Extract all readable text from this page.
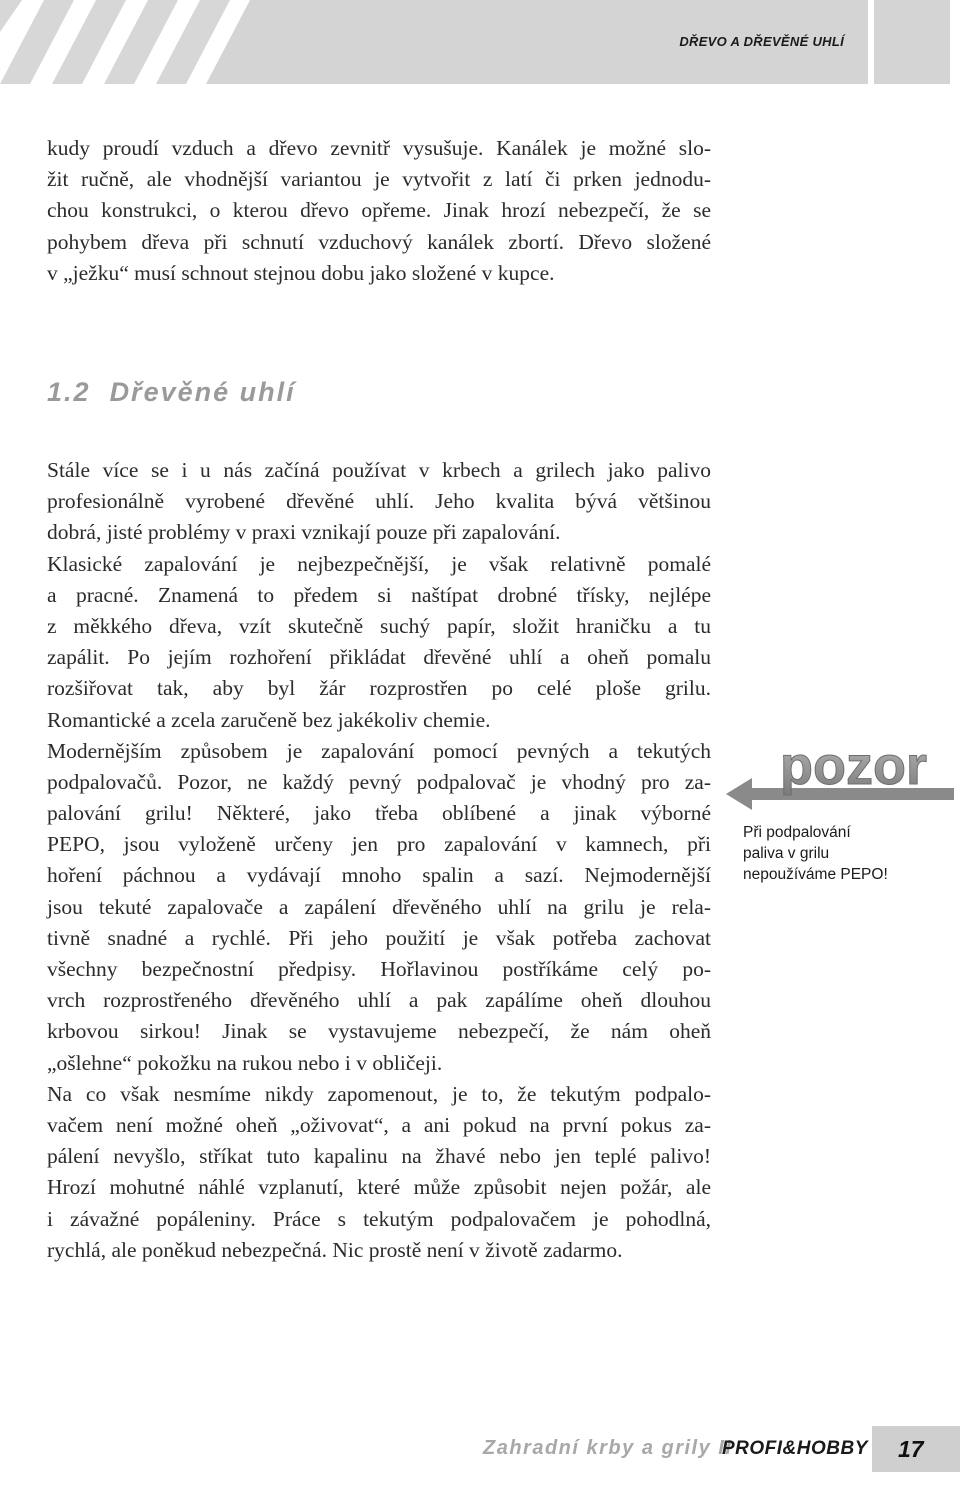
DŘEVO A DŘEVĚNÉ UHLÍ
kudy proudí vzduch a dřevo zevnitř vysušuje. Kanálek je možné slo-
žit ručně, ale vhodnější variantou je vytvořit z latí či prken jednodu-
chou konstrukci, o kterou dřevo opřeme. Jinak hrozí nebezpečí, že se
pohybem dřeva při schnutí vzduchový kanálek zbortí. Dřevo složené
v „ježku“ musí schnout stejnou dobu jako složené v kupce.
1.2 Dřevěné uhlí
Stále více se i u nás začíná používat v krbech a grilech jako palivo
profesionálně vyrobené dřevěné uhlí. Jeho kvalita bývá většinou
dobrá, jisté problémy v praxi vznikají pouze při zapalování.
Klasické zapalování je nejbezpečnější, je však relativně pomalé
a pracné. Znamená to předem si naštípat drobné třísky, nejlépe
z měkkého dřeva, vzít skutečně suchý papír, složit hraničku a tu
zapálit. Po jejím rozhoření přikládat dřevěné uhlí a oheň pomalu
rozšiřovat tak, aby byl žár rozprostřen po celé ploše grilu.
Romantické a zcela zaručeně bez jakékoliv chemie.
Modernějším způsobem je zapalování pomocí pevných a tekutých
podpalovačů. Pozor, ne každý pevný podpalovač je vhodný pro za-
palování grilu! Některé, jako třeba oblíbené a jinak výborné
PEPO, jsou vyloženě určeny jen pro zapalování v kamnech, při
hoření páchnou a vydávají mnoho spalin a sazí. Nejmodernější
jsou tekuté zapalovače a zapálení dřevěného uhlí na grilu je rela-
tivně snadné a rychlé. Při jeho použití je však potřeba zachovat
všechny bezpečnostní předpisy. Hořlavinou postříkáme celý po-
vrch rozprostřeného dřevěného uhlí a pak zapálíme oheň dlouhou
krbovou sirkou! Jinak se vystavujeme nebezpečí, že nám oheň
„ošlehne“ pokožku na rukou nebo i v obličeji.
Na co však nesmíme nikdy zapomenout, je to, že tekutým podpalo-
vačem není možné oheň „oživovat“, a ani pokud na první pokus za-
pálení nevyšlo, stříkat tuto kapalinu na žhavé nebo jen teplé palivo!
Hrozí mohutné náhlé vzplanutí, které může způsobit nejen požár, ale
i závažné popáleniny. Práce s tekutým podpalovačem je pohodlná,
rychlá, ale poněkud nebezpečná. Nic prostě není v životě zadarmo.
pozor
Při podpalování
paliva v grilu
nepoužíváme PEPO!
Zahradní krby a grily II
PROFI&HOBBY 17
